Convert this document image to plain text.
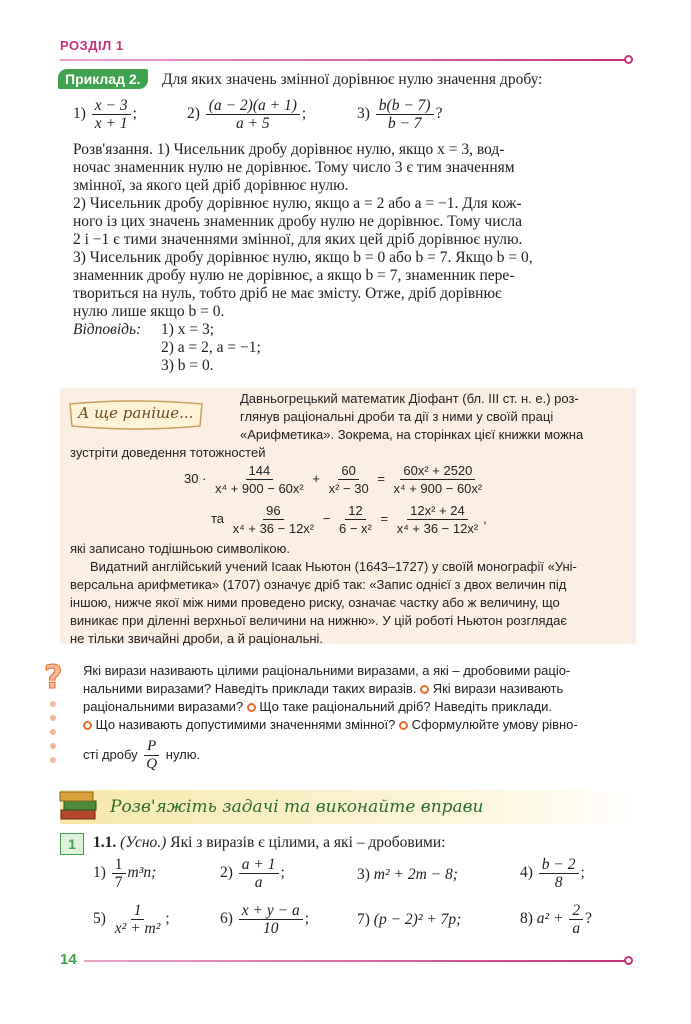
РОЗДІЛ 1
Приклад 2.	Для яких значень змінної дорівнює нулю значення дробу:
$1) \frac{x - 3}{x + 1}$ ;	$2) \frac{(a - 2)(a + 1)}{a + 5}$ ;	$3) \frac{b(b - 7)}{b - 7}$ ?
Розв'язання. 1) Чисельник дробу дорівнює нулю, якщо x = 3, вод-
ночас знаменник нулю не дорівнює. Тому число 3 є тим значенням
змінної, за якого цей дріб дорівнює нулю.
2) Чисельник дробу дорівнює нулю, якщо a = 2 або a = −1. Для кож-
ного із цих значень знаменник дробу нулю не дорівнює. Тому числа
2 і −1 є тими значеннями змінної, для яких цей дріб дорівнює нулю.
3) Чисельник дробу дорівнює нулю, якщо b = 0 або b = 7. Якщо b = 0,
знаменник дробу нулю не дорівнює, а якщо b = 7, знаменник пере-
твориться на нуль, тобто дріб не має змісту. Отже, дріб дорівнює
нулю лише якщо b = 0.
Відповідь: 1) x = 3;
2) a = 2, a = −1;
3) b = 0.
А ще раніше...
Давньогрецький математик Діофант (бл. III ст. н. е.) роз-
глянув раціональні дроби та дії з ними у своїй праці
«Арифметика». Зокрема, на сторінках цієї книжки можна
зустріти доведення тотожностей
$30 \cdot \frac{144}{\text{x⁴ + 900 − 60x²}} + \frac{60}{\text{x² − 30}} = \frac{\text{60x² + 2520}}{\text{x⁴ + 900 − 60x²}}$
та $\frac{96}{\text{x⁴ + 36 − 12x²}} - \frac{12}{\text{6 − x²}} = \frac{\text{12x² + 24}}{\text{x⁴ + 36 − 12x²}}$ ,
які записано тодішньою символікою.
Видатний англійський учений Ісаак Ньютон (1643–1727) у своїй монографії «Уні-
версальна арифметика» (1707) означує дріб так: «Запис однієї з двох величин під
іншою, нижче якої між ними проведено риску, означає частку або ж величину, що
виникає при діленні верхньої величини на нижню». У цій роботі Ньютон розглядає
не тільки звичайні дроби, а й раціональні.
? Які вирази називають цілими раціональними виразами, а які – дробовими раціо-
нальними виразами? Наведіть приклади таких виразів. Які вирази називають
раціональними виразами? Що таке раціональний дріб? Наведіть приклади.
Що називають допустимими значеннями змінної? Сформулюйте умову рівно-
сті дробу $\frac{P}{Q}$ нулю.
Розв'яжіть задачі та виконайте вправи
1	1.1. (Усно.) Які з виразів є цілими, а які – дробовими:
$1) \frac{1}{7} m^3n$;	$2) \frac{a + 1}{a}$ ;	3) m² + 2m − 8;	$4) \frac{b - 2}{8}$ ;
$5) \frac{1}{\text{x² + m²}}$ ;	$6) \frac{x + y - a}{10}$ ;	7) (p − 2)² + 7p;	8) $a^2 + \frac{2}{a}$ ?
14
